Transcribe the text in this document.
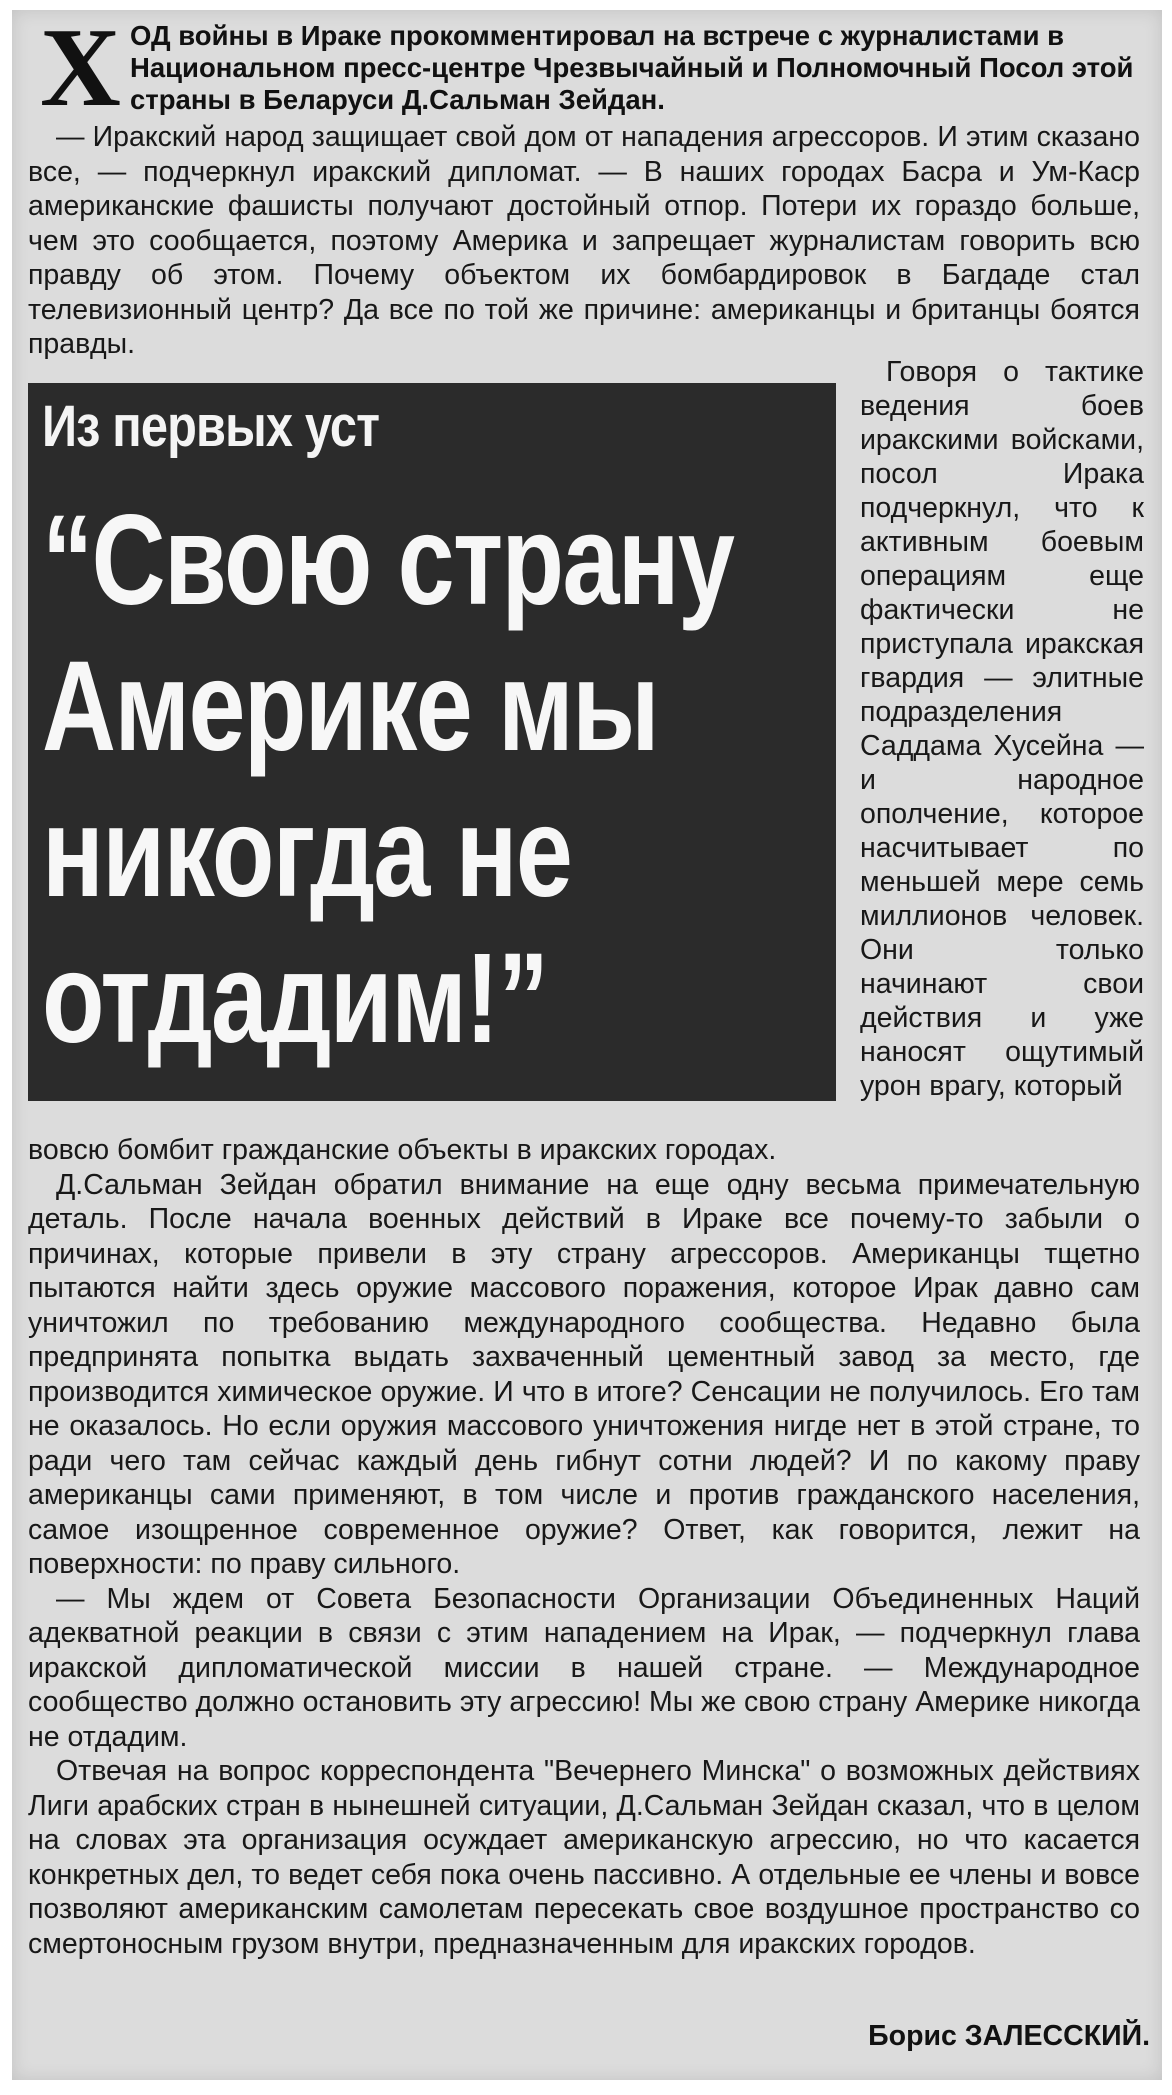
Х ОД войны в Ираке прокомментировал на встрече с журналистами в Национальном пресс-центре Чрезвычайный и Полномочный Посол этой страны в Беларуси Д.Сальман Зейдан.
— Иракский народ защищает свой дом от нападения агрессоров. И этим сказано все, — подчеркнул иракский дипломат. — В наших городах Басра и Ум-Каср американские фашисты получают достойный отпор. Потери их гораздо больше, чем это сообщается, поэтому Америка и запрещает журналистам говорить всю правду об этом. Почему объектом их бомбардировок в Багдаде стал телевизионный центр? Да все по той же причине: американцы и британцы боятся правды.
Из первых уст
“Свою страну Америке мы никогда не отдадим!”
Говоря о тактике ведения боев иракскими войсками, посол Ирака подчеркнул, что к активным боевым операциям еще фактически не приступала иракская гвардия — элитные подразделения Саддама Хусейна — и народное ополчение, которое насчитывает по меньшей мере семь миллионов человек. Они только начинают свои действия и уже наносят ощутимый урон врагу, который

вовсю бомбит гражданские объекты в иракских городах.

Д.Сальман Зейдан обратил внимание на еще одну весьма примечательную деталь. После начала военных действий в Ираке все почему-то забыли о причинах, которые привели в эту страну агрессоров. Американцы тщетно пытаются найти здесь оружие массового поражения, которое Ирак давно сам уничтожил по требованию международного сообщества. Недавно была предпринята попытка выдать захваченный цементный завод за место, где производится химическое оружие. И что в итоге? Сенсации не получилось. Его там не оказалось. Но если оружия массового уничтожения нигде нет в этой стране, то ради чего там сейчас каждый день гибнут сотни людей? И по какому праву американцы сами применяют, в том числе и против гражданского населения, самое изощренное современное оружие? Ответ, как говорится, лежит на поверхности: по праву сильного.

— Мы ждем от Совета Безопасности Организации Объединенных Наций адекватной реакции в связи с этим нападением на Ирак, — подчеркнул глава иракской дипломатической миссии в нашей стране. — Международное сообщество должно остановить эту агрессию! Мы же свою страну Америке никогда не отдадим.

Отвечая на вопрос корреспондента "Вечернего Минска" о возможных действиях Лиги арабских стран в нынешней ситуации, Д.Сальман Зейдан сказал, что в целом на словах эта организация осуждает американскую агрессию, но что касается конкретных дел, то ведет себя пока очень пассивно. А отдельные ее члены и вовсе позволяют американским самолетам пересекать свое воздушное пространство со смертоносным грузом внутри, предназначенным для иракских городов.

Борис ЗАЛЕССКИЙ.
